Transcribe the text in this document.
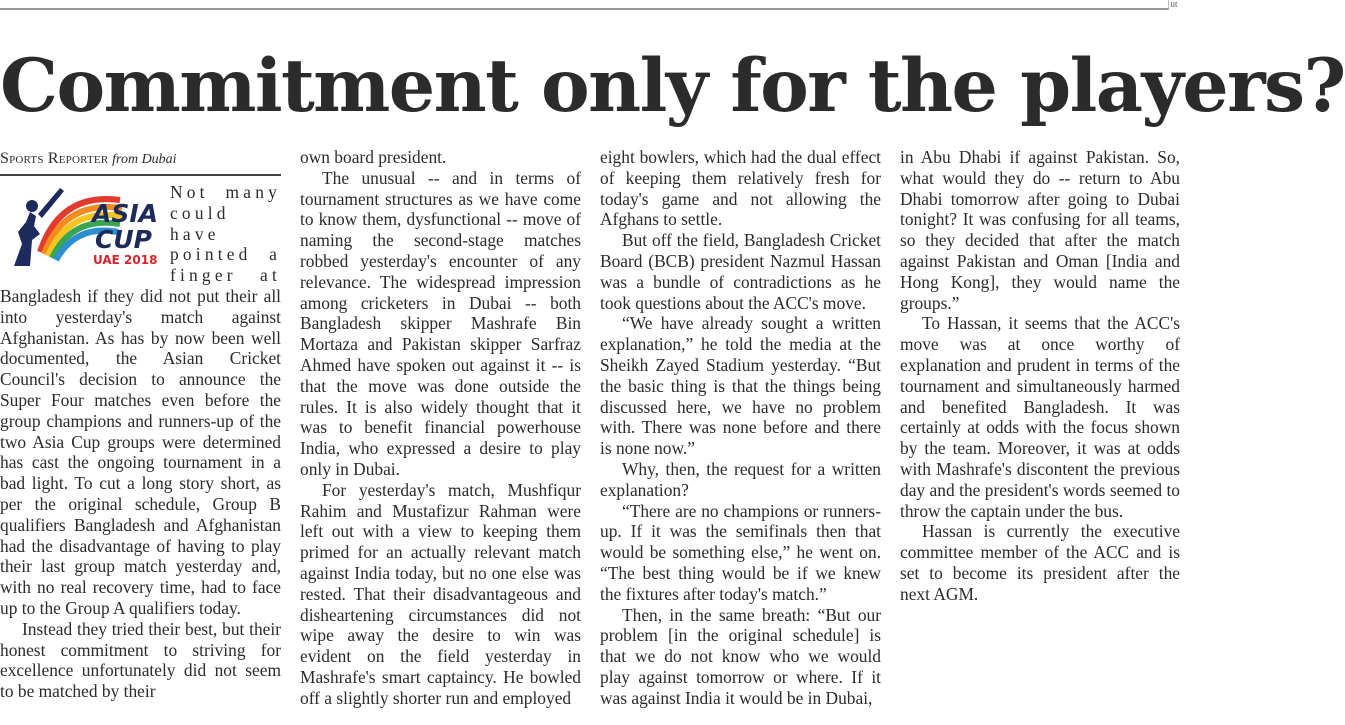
ut
Commitment only for the players?
Sports Reporter from Dubai
ASIA
CUP
UAE 2018

Not many
could have
pointed a
finger at

Bangladesh if they did not put their all into yesterday's match against Afghanistan. As has by now been well documented, the Asian Cricket Council's decision to announce the Super Four matches even before the group champions and runners-up of the two Asia Cup groups were determined has cast the ongoing tournament in a bad light. To cut a long story short, as per the original schedule, Group B qualifiers Bangladesh and Afghanistan had the disadvantage of having to play their last group match yesterday and, with no real recovery time, had to face up to the Group A qualifiers today.

Instead they tried their best, but their honest commitment to striving for excellence unfortunately did not seem to be matched by their

own board president.

The unusual -- and in terms of tournament structures as we have come to know them, dysfunctional -- move of naming the second-stage matches robbed yesterday's encounter of any relevance. The widespread impression among cricketers in Dubai -- both Bangladesh skipper Mashrafe Bin Mortaza and Pakistan skipper Sarfraz Ahmed have spoken out against it -- is that the move was done outside the rules. It is also widely thought that it was to benefit financial powerhouse India, who expressed a desire to play only in Dubai.

For yesterday's match, Mushfiqur Rahim and Mustafizur Rahman were left out with a view to keeping them primed for an actually relevant match against India today, but no one else was rested. That their disadvantageous and disheartening circumstances did not wipe away the desire to win was evident on the field yesterday in Mashrafe's smart captaincy. He bowled off a slightly shorter run and employed

eight bowlers, which had the dual effect of keeping them relatively fresh for today's game and not allowing the Afghans to settle.

But off the field, Bangladesh Cricket Board (BCB) president Nazmul Hassan was a bundle of contradictions as he took questions about the ACC's move.

“We have already sought a written explanation,” he told the media at the Sheikh Zayed Stadium yesterday. “But the basic thing is that the things being discussed here, we have no problem with. There was none before and there is none now.”

Why, then, the request for a written explanation?

“There are no champions or runners-up. If it was the semifinals then that would be something else,” he went on. “The best thing would be if we knew the fixtures after today's match.”

Then, in the same breath: “But our problem [in the original schedule] is that we do not know who we would play against tomorrow or where. If it was against India it would be in Dubai,

in Abu Dhabi if against Pakistan. So, what would they do -- return to Abu Dhabi tomorrow after going to Dubai tonight? It was confusing for all teams, so they decided that after the match against Pakistan and Oman [India and Hong Kong], they would name the groups.”

To Hassan, it seems that the ACC's move was at once worthy of explanation and prudent in terms of the tournament and simultaneously harmed and benefited Bangladesh. It was certainly at odds with the focus shown by the team. Moreover, it was at odds with Mashrafe's discontent the previous day and the president's words seemed to throw the captain under the bus.

Hassan is currently the executive committee member of the ACC and is set to become its president after the next AGM.
